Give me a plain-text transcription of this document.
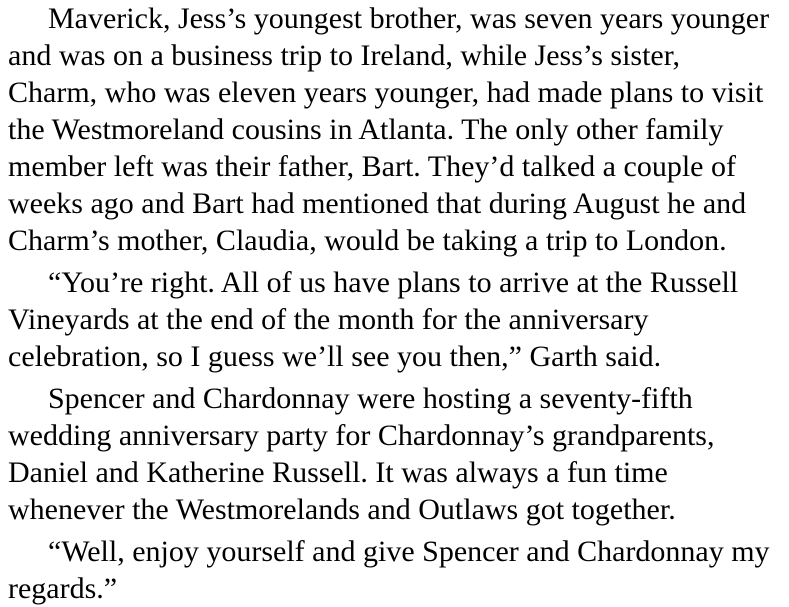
Maverick, Jess’s youngest brother, was seven years younger
and was on a business trip to Ireland, while Jess’s sister,
Charm, who was eleven years younger, had made plans to visit
the Westmoreland cousins in Atlanta. The only other family
member left was their father, Bart. They’d talked a couple of
weeks ago and Bart had mentioned that during August he and
Charm’s mother, Claudia, would be taking a trip to London.

“You’re right. All of us have plans to arrive at the Russell
Vineyards at the end of the month for the anniversary
celebration, so I guess we’ll see you then,” Garth said.

Spencer and Chardonnay were hosting a seventy-fifth
wedding anniversary party for Chardonnay’s grandparents,
Daniel and Katherine Russell. It was always a fun time
whenever the Westmorelands and Outlaws got together.

“Well, enjoy yourself and give Spencer and Chardonnay my
regards.”
